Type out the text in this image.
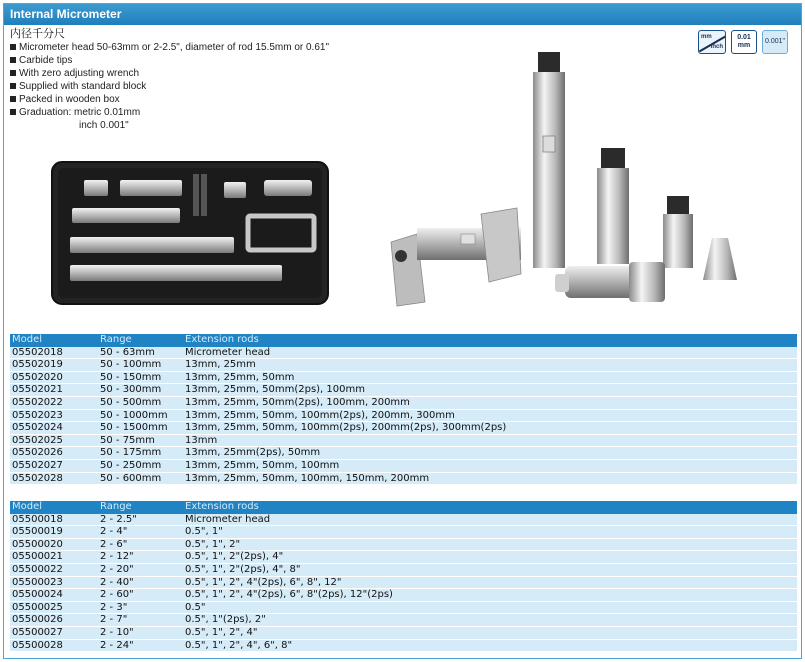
Internal Micrometer
内径千分尺
Micrometer head 50-63mm or 2-2.5", diameter of rod 15.5mm or 0.61"
Carbide tips
With zero adjusting wrench
Supplied with standard block
Packed in wooden box
Graduation: metric 0.01mm
inch 0.001"
mm
inch
0.01
mm
0.001"
Model	Range	Extension rods
05502018	50 - 63mm	Micrometer head
05502019	50 - 100mm	13mm, 25mm
05502020	50 - 150mm	13mm, 25mm, 50mm
05502021	50 - 300mm	13mm, 25mm, 50mm(2ps), 100mm
05502022	50 - 500mm	13mm, 25mm, 50mm(2ps), 100mm, 200mm
05502023	50 - 1000mm	13mm, 25mm, 50mm, 100mm(2ps), 200mm, 300mm
05502024	50 - 1500mm	13mm, 25mm, 50mm, 100mm(2ps), 200mm(2ps), 300mm(2ps)
05502025	50 - 75mm	13mm
05502026	50 - 175mm	13mm, 25mm(2ps), 50mm
05502027	50 - 250mm	13mm, 25mm, 50mm, 100mm
05502028	50 - 600mm	13mm, 25mm, 50mm, 100mm, 150mm, 200mm
Model	Range	Extension rods
05500018	2 - 2.5"	Micrometer head
05500019	2 - 4"	0.5", 1"
05500020	2 - 6"	0.5", 1", 2"
05500021	2 - 12"	0.5", 1", 2"(2ps), 4"
05500022	2 - 20"	0.5", 1", 2"(2ps), 4", 8"
05500023	2 - 40"	0.5", 1", 2", 4"(2ps), 6", 8", 12"
05500024	2 - 60"	0.5", 1", 2", 4"(2ps), 6", 8"(2ps), 12"(2ps)
05500025	2 - 3"	0.5"
05500026	2 - 7"	0.5", 1"(2ps), 2"
05500027	2 - 10"	0.5", 1", 2", 4"
05500028	2 - 24"	0.5", 1", 2", 4", 6", 8"
